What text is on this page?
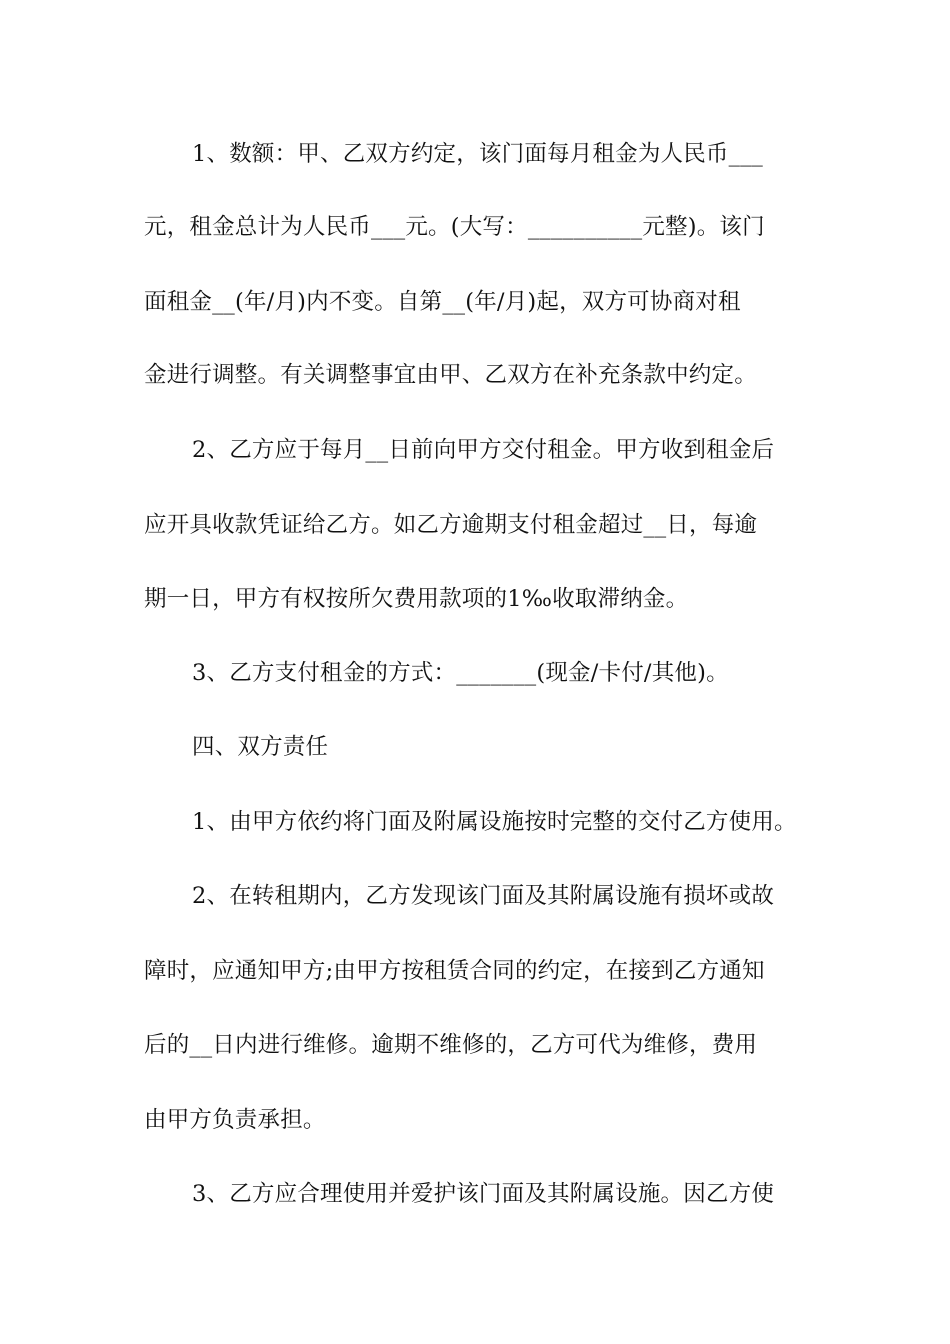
1、数额：甲、乙双方约定，该门面每月租金为人民币___
元，租金总计为人民币___元。(大写：__________元整)。该门
面租金__(年/月)内不变。自第__(年/月)起，双方可协商对租
金进行调整。有关调整事宜由甲、乙双方在补充条款中约定。
2、乙方应于每月__日前向甲方交付租金。甲方收到租金后
应开具收款凭证给乙方。如乙方逾期支付租金超过__日，每逾
期一日，甲方有权按所欠费用款项的1‰收取滞纳金。
3、乙方支付租金的方式：_______(现金/卡付/其他)。
四、双方责任
1、由甲方依约将门面及附属设施按时完整的交付乙方使用。
2、在转租期内，乙方发现该门面及其附属设施有损坏或故
障时，应通知甲方;由甲方按租赁合同的约定，在接到乙方通知
后的__日内进行维修。逾期不维修的，乙方可代为维修，费用
由甲方负责承担。
3、乙方应合理使用并爱护该门面及其附属设施。因乙方使
